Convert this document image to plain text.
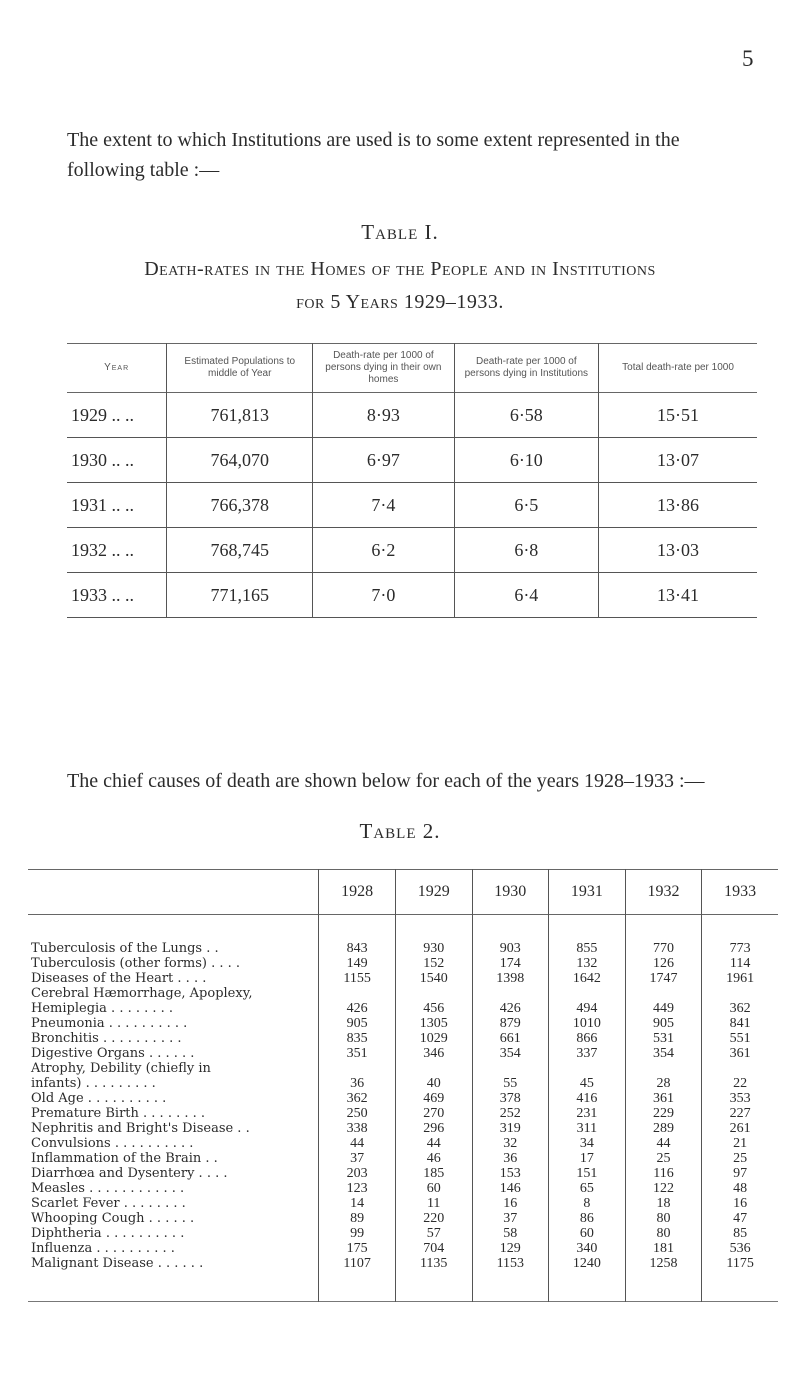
5
The extent to which Institutions are used is to some extent represented in the following table :—
Table I.
Death-rates in the Homes of the People and in Institutions
for 5 Years 1929–1933.
Year	Estimated Populations to middle of Year	Death-rate per 1000 of persons dying in their own homes	Death-rate per 1000 of persons dying in Institutions	Total death-rate per 1000
1929 .. ..	761,813	8·93	6·58	15·51
1930 .. ..	764,070	6·97	6·10	13·07
1931 .. ..	766,378	7·4	6·5	13·86
1932 .. ..	768,745	6·2	6·8	13·03
1933 .. ..	771,165	7·0	6·4	13·41
The chief causes of death are shown below for each of the years 1928–1933 :—
Table 2.
	1928	1929	1930	1931	1932	1933
Tuberculosis of the Lungs . .	843	930	903	855	770	773
Tuberculosis (other forms) . . . .	149	152	174	132	126	114
Diseases of the Heart . . . .	1155	1540	1398	1642	1747	1961
Cerebral Hæmorrhage, Apoplexy,						
Hemiplegia . . . . . . . .	426	456	426	494	449	362
Pneumonia . . . . . . . . . .	905	1305	879	1010	905	841
Bronchitis . . . . . . . . . .	835	1029	661	866	531	551
Digestive Organs . . . . . .	351	346	354	337	354	361
Atrophy, Debility (chiefly in						
infants) . . . . . . . . .	36	40	55	45	28	22
Old Age . . . . . . . . . .	362	469	378	416	361	353
Premature Birth . . . . . . . .	250	270	252	231	229	227
Nephritis and Bright's Disease . .	338	296	319	311	289	261
Convulsions . . . . . . . . . .	44	44	32	34	44	21
Inflammation of the Brain . .	37	46	36	17	25	25
Diarrhœa and Dysentery . . . .	203	185	153	151	116	97
Measles . . . . . . . . . . . .	123	60	146	65	122	48
Scarlet Fever . . . . . . . .	14	11	16	8	18	16
Whooping Cough . . . . . .	89	220	37	86	80	47
Diphtheria . . . . . . . . . .	99	57	58	60	80	85
Influenza . . . . . . . . . .	175	704	129	340	181	536
Malignant Disease . . . . . .	1107	1135	1153	1240	1258	1175
